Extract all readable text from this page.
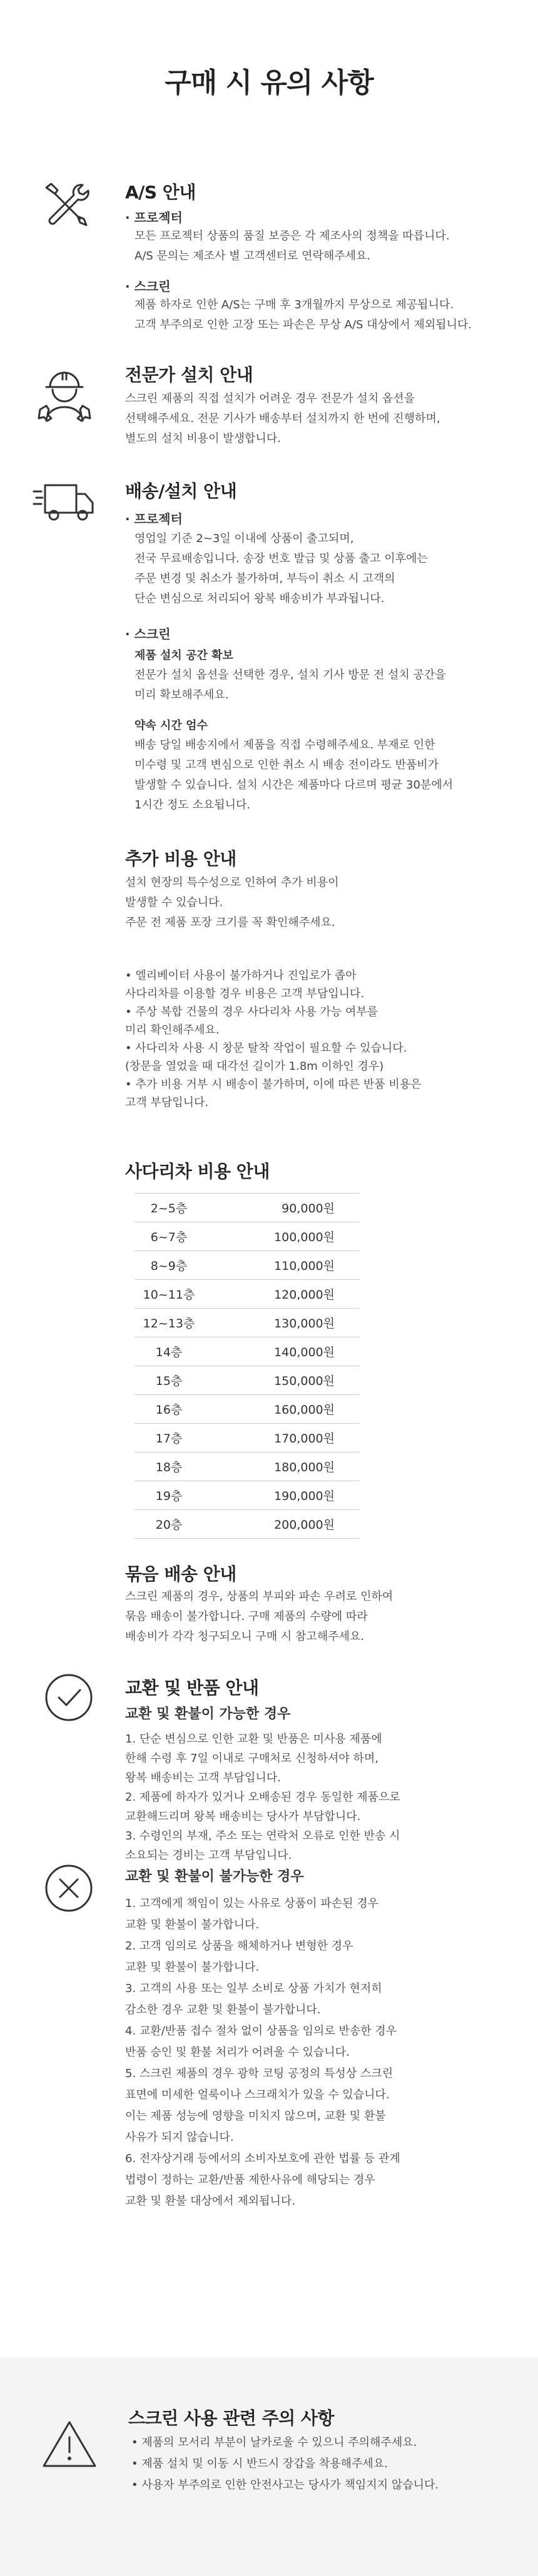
구매 시 유의 사항
A/S 안내
· 프로젝터
모든 프로젝터 상품의 품질 보증은 각 제조사의 정책을 따릅니다.
A/S 문의는 제조사 별 고객센터로 연락해주세요.
· 스크린
제품 하자로 인한 A/S는 구매 후 3개월까지 무상으로 제공됩니다.
고객 부주의로 인한 고장 또는 파손은 무상 A/S 대상에서 제외됩니다.
전문가 설치 안내
스크린 제품의 직접 설치가 어려운 경우 전문가 설치 옵션을
선택해주세요. 전문 기사가 배송부터 설치까지 한 번에 진행하며,
별도의 설치 비용이 발생합니다.
배송/설치 안내
· 프로젝터
영업일 기준 2~3일 이내에 상품이 출고되며,
전국 무료배송입니다. 송장 번호 발급 및 상품 출고 이후에는
주문 변경 및 취소가 불가하며, 부득이 취소 시 고객의
단순 변심으로 처리되어 왕복 배송비가 부과됩니다.
· 스크린
제품 설치 공간 확보
전문가 설치 옵션을 선택한 경우, 설치 기사 방문 전 설치 공간을
미리 확보해주세요.
약속 시간 엄수
배송 당일 배송지에서 제품을 직접 수령해주세요. 부재로 인한
미수령 및 고객 변심으로 인한 취소 시 배송 전이라도 반품비가
발생할 수 있습니다. 설치 시간은 제품마다 다르며 평균 30분에서
1시간 정도 소요됩니다.
추가 비용 안내
설치 현장의 특수성으로 인하여 추가 비용이
발생할 수 있습니다.
주문 전 제품 포장 크기를 꼭 확인해주세요.
• 엘리베이터 사용이 불가하거나 진입로가 좁아
사다리차를 이용할 경우 비용은 고객 부담입니다.
• 주상 복합 건물의 경우 사다리차 사용 가능 여부를
미리 확인해주세요.
• 사다리차 사용 시 창문 탈착 작업이 필요할 수 있습니다.
(창문을 열었을 때 대각선 길이가 1.8m 이하인 경우)
• 추가 비용 거부 시 배송이 불가하며, 이에 따른 반품 비용은
고객 부담입니다.
사다리차 비용 안내
2~5층	90,000원
6~7층	100,000원
8~9층	110,000원
10~11층	120,000원
12~13층	130,000원
14층	140,000원
15층	150,000원
16층	160,000원
17층	170,000원
18층	180,000원
19층	190,000원
20층	200,000원
묶음 배송 안내
스크린 제품의 경우, 상품의 부피와 파손 우려로 인하여
묶음 배송이 불가합니다. 구매 제품의 수량에 따라
배송비가 각각 청구되오니 구매 시 참고해주세요.
교환 및 반품 안내
교환 및 환불이 가능한 경우
1. 단순 변심으로 인한 교환 및 반품은 미사용 제품에
한해 수령 후 7일 이내로 구매처로 신청하셔야 하며,
왕복 배송비는 고객 부담입니다.
2. 제품에 하자가 있거나 오배송된 경우 동일한 제품으로
교환해드리며 왕복 배송비는 당사가 부담합니다.
3. 수령인의 부재, 주소 또는 연락처 오류로 인한 반송 시
소요되는 경비는 고객 부담입니다.
교환 및 환불이 불가능한 경우
1. 고객에게 책임이 있는 사유로 상품이 파손된 경우
교환 및 환불이 불가합니다.
2. 고객 임의로 상품을 해체하거나 변형한 경우
교환 및 환불이 불가합니다.
3. 고객의 사용 또는 일부 소비로 상품 가치가 현저히
감소한 경우 교환 및 환불이 불가합니다.
4. 교환/반품 접수 절차 없이 상품을 임의로 반송한 경우
반품 승인 및 환불 처리가 어려울 수 있습니다.
5. 스크린 제품의 경우 광학 코팅 공정의 특성상 스크린
표면에 미세한 얼룩이나 스크래치가 있을 수 있습니다.
이는 제품 성능에 영향을 미치지 않으며, 교환 및 환불
사유가 되지 않습니다.
6. 전자상거래 등에서의 소비자보호에 관한 법률 등 관계
법령이 정하는 교환/반품 제한사유에 해당되는 경우
교환 및 환불 대상에서 제외됩니다.
스크린 사용 관련 주의 사항
• 제품의 모서리 부분이 날카로울 수 있으니 주의해주세요.
• 제품 설치 및 이동 시 반드시 장갑을 착용해주세요.
• 사용자 부주의로 인한 안전사고는 당사가 책임지지 않습니다.
